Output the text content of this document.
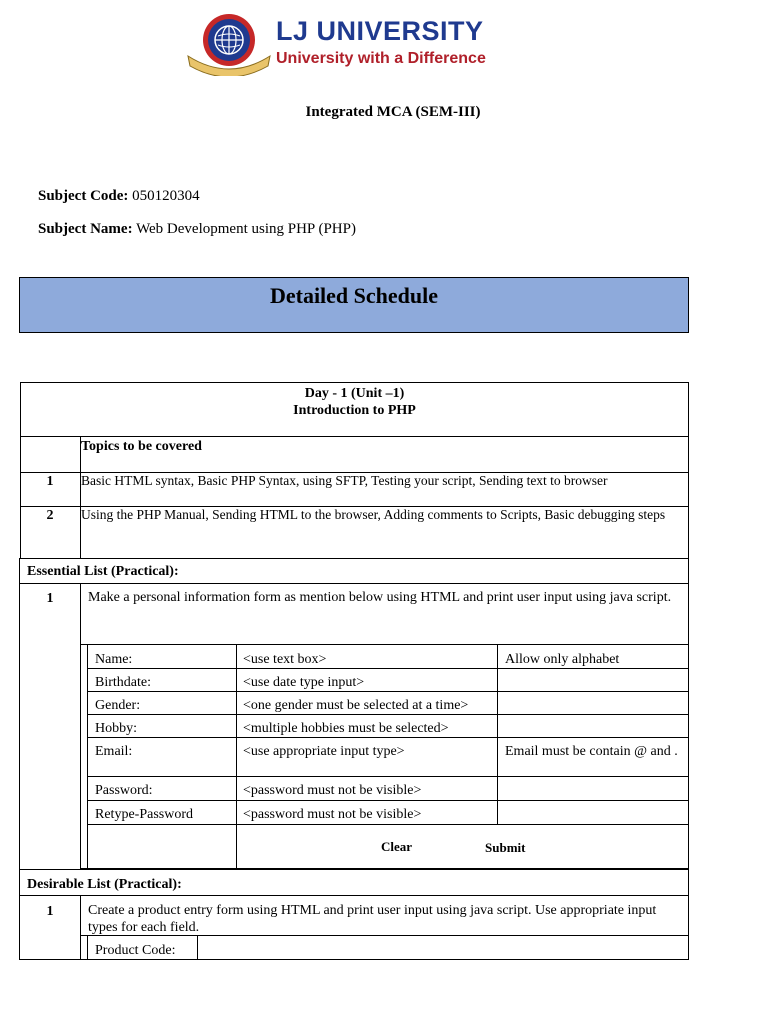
LJ UNIVERSITY
University with a Difference
Integrated MCA (SEM-III)
Subject Code: 050120304
Subject Name: Web Development using PHP (PHP)
Detailed Schedule
Day - 1 (Unit –1)
Introduction to PHP
Topics to be covered
1	Basic HTML syntax, Basic PHP Syntax, using SFTP, Testing your script, Sending text to browser
2	Using the PHP Manual, Sending HTML to the browser, Adding comments to Scripts, Basic debugging steps
Essential List (Practical):
1	Make a personal information form as mention below using HTML and print user input using java script.
Name:	<use text box>	Allow only alphabet
Birthdate:	<use date type input>
Gender:	<one gender must be selected at a time>
Hobby:	<multiple hobbies must be selected>
Email:	<use appropriate input type>	Email must be contain @ and .
Password:	<password must not be visible>
Retype-Password	<password must not be visible>
Clear	Submit
Desirable List (Practical):
1	Create a product entry form using HTML and print user input using java script. Use appropriate input types for each field.
Product Code:
